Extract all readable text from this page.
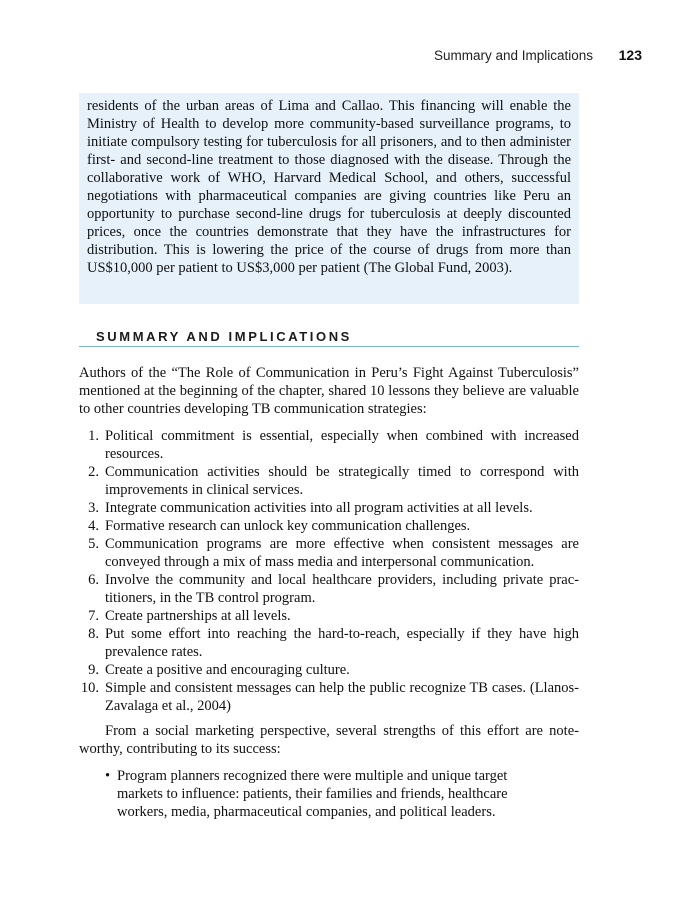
Summary and Implications 123

residents of the urban areas of Lima and Callao. This financing will enable the Ministry of Health to develop more community-based surveillance programs, to initiate compulsory testing for tuberculosis for all prisoners, and to then administer first- and second-line treatment to those diagnosed with the disease. Through the collaborative work of WHO, Harvard Medical School, and others, successful negotiations with pharmaceutical companies are giving countries like Peru an opportunity to purchase second-line drugs for tuberculosis at deeply discounted prices, once the countries demonstrate that they have the infrastructures for distribution. This is lowering the price of the course of drugs from more than US$10,000 per patient to US$3,000 per patient (The Global Fund, 2003).

SUMMARY AND IMPLICATIONS

Authors of the “The Role of Communication in Peru’s Fight Against Tuberculosis” mentioned at the beginning of the chapter, shared 10 lessons they believe are valuable to other countries developing TB communication strategies:

1. Political commitment is essential, especially when combined with increased resources.
2. Communication activities should be strategically timed to correspond with improvements in clinical services.
3. Integrate communication activities into all program activities at all levels.
4. Formative research can unlock key communication challenges.
5. Communication programs are more effective when consistent messages are conveyed through a mix of mass media and interpersonal communication.
6. Involve the community and local healthcare providers, including private practitioners, in the TB control program.
7. Create partnerships at all levels.
8. Put some effort into reaching the hard-to-reach, especially if they have high prevalence rates.
9. Create a positive and encouraging culture.
10. Simple and consistent messages can help the public recognize TB cases. (Llanos-Zavalaga et al., 2004)

From a social marketing perspective, several strengths of this effort are noteworthy, contributing to its success:

• Program planners recognized there were multiple and unique target markets to influence: patients, their families and friends, healthcare workers, media, pharmaceutical companies, and political leaders.
